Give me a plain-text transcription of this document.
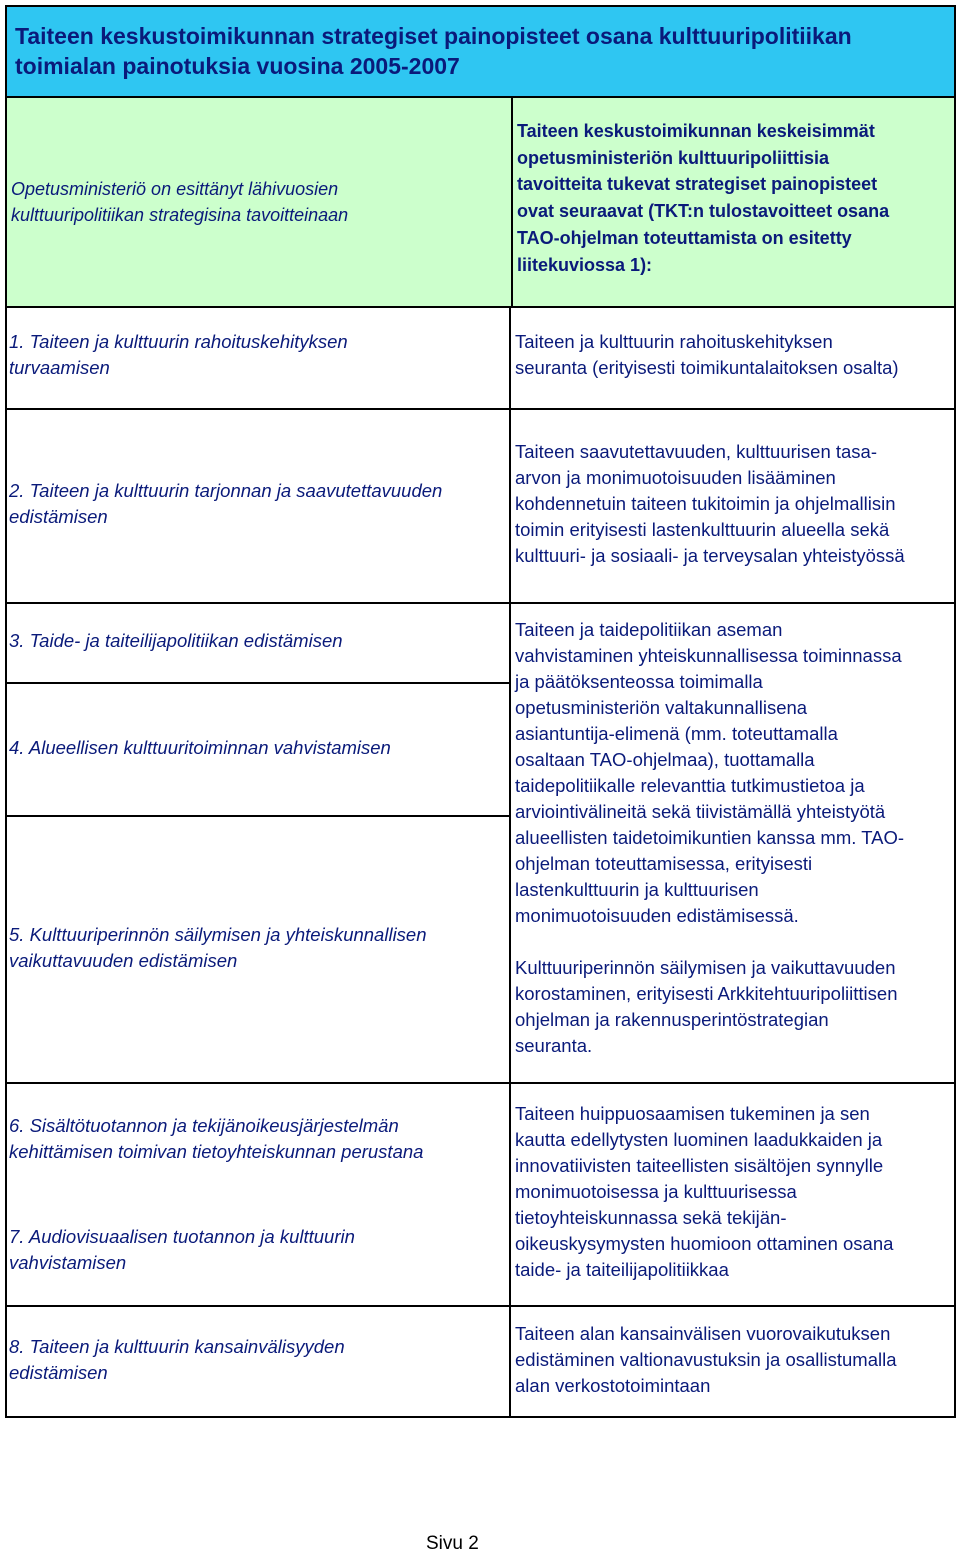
Taiteen keskustoimikunnan strategiset painopisteet osana kulttuuripolitiikan
toimialan painotuksia vuosina 2005-2007
Opetusministeriö on esittänyt lähivuosien
kulttuuripolitiikan strategisina tavoitteinaan
Taiteen keskustoimikunnan keskeisimmät
opetusministeriön kulttuuripoliittisia
tavoitteita tukevat strategiset painopisteet
ovat seuraavat (TKT:n tulostavoitteet osana
TAO-ohjelman toteuttamista on esitetty
liitekuviossa 1):
1. Taiteen ja kulttuurin rahoituskehityksen
turvaamisen
Taiteen ja kulttuurin rahoituskehityksen
seuranta (erityisesti toimikuntalaitoksen osalta)
2. Taiteen ja kulttuurin tarjonnan ja saavutettavuuden
edistämisen
Taiteen saavutettavuuden, kulttuurisen tasa-
arvon ja monimuotoisuuden lisääminen
kohdennetuin taiteen tukitoimin ja ohjelmallisin
toimin erityisesti lastenkulttuurin alueella sekä
kulttuuri- ja sosiaali- ja terveysalan yhteistyössä
3. Taide- ja taiteilijapolitiikan edistämisen
4. Alueellisen kulttuuritoiminnan vahvistamisen
5. Kulttuuriperinnön säilymisen ja yhteiskunnallisen
vaikuttavuuden edistämisen
Taiteen ja taidepolitiikan aseman
vahvistaminen yhteiskunnallisessa toiminnassa
ja päätöksenteossa toimimalla
opetusministeriön valtakunnallisena
asiantuntija-elimenä (mm. toteuttamalla
osaltaan TAO-ohjelmaa), tuottamalla
taidepolitiikalle relevanttia tutkimustietoa ja
arviointivälineitä sekä tiivistämällä yhteistyötä
alueellisten taidetoimikuntien kanssa mm. TAO-
ohjelman toteuttamisessa, erityisesti
lastenkulttuurin ja kulttuurisen
monimuotoisuuden edistämisessä.
Kulttuuriperinnön säilymisen ja vaikuttavuuden
korostaminen, erityisesti Arkkitehtuuripoliittisen
ohjelman ja rakennusperintöstrategian
seuranta.
6. Sisältötuotannon ja tekijänoikeusjärjestelmän
kehittämisen toimivan tietoyhteiskunnan perustana
7. Audiovisuaalisen tuotannon ja kulttuurin
vahvistamisen
Taiteen huippuosaamisen tukeminen ja sen
kautta edellytysten luominen laadukkaiden ja
innovatiivisten taiteellisten sisältöjen synnylle
monimuotoisessa ja kulttuurisessa
tietoyhteiskunnassa sekä tekijän-
oikeuskysymysten huomioon ottaminen osana
taide- ja taiteilijapolitiikkaa
8. Taiteen ja kulttuurin kansainvälisyyden
edistämisen
Taiteen alan kansainvälisen vuorovaikutuksen
edistäminen valtionavustuksin ja osallistumalla
alan verkostotoimintaan
Sivu 2
